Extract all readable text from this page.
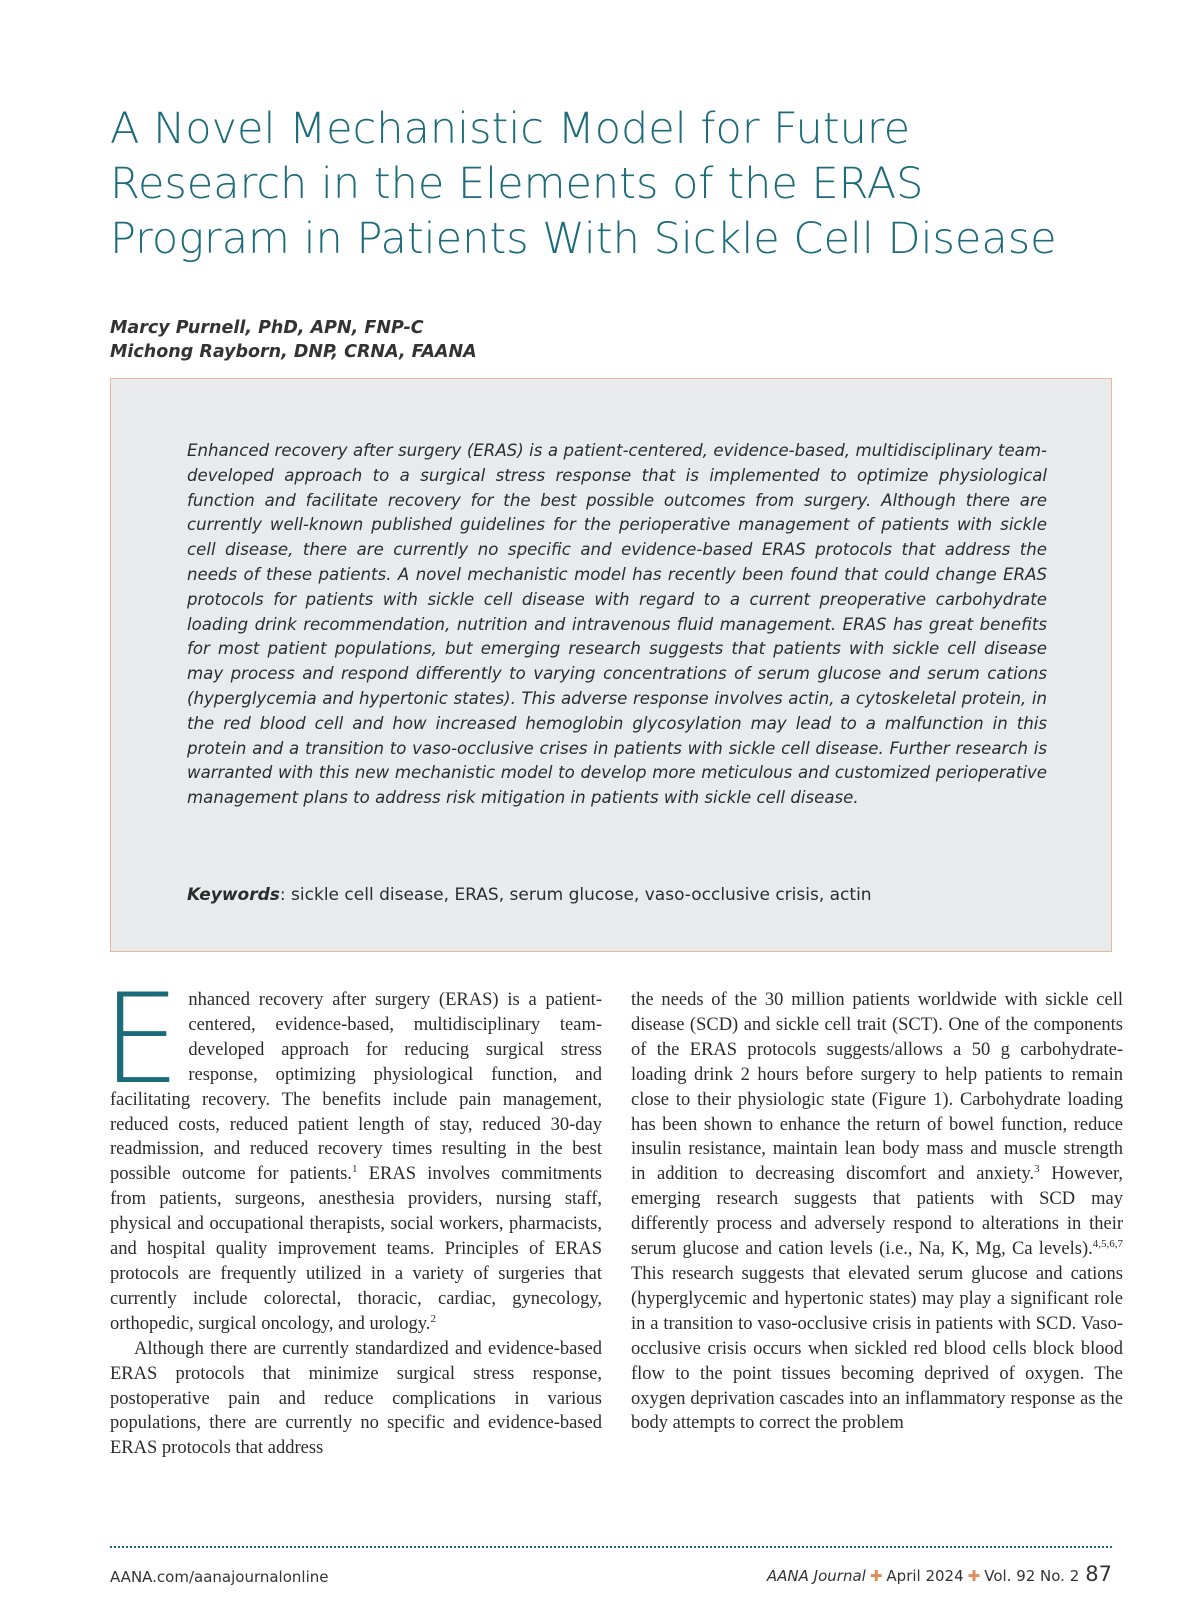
A Novel Mechanistic Model for Future
Research in the Elements of the ERAS
Program in Patients With Sickle Cell Disease
Marcy Purnell, PhD, APN, FNP-C
Michong Rayborn, DNP, CRNA, FAANA

Enhanced recovery after surgery (ERAS) is a patient-centered, evidence-based, multidisciplinary team-developed approach to a surgical stress response that is implemented to optimize physiological function and facilitate recovery for the best possible outcomes from surgery. Although there are currently well-known published guidelines for the perioperative management of patients with sickle cell disease, there are currently no specific and evidence-based ERAS protocols that address the needs of these patients. A novel mechanistic model has recently been found that could change ERAS protocols for patients with sickle cell disease with regard to a current preoperative carbohydrate loading drink recommendation, nutrition and intravenous fluid management. ERAS has great benefits for most patient populations, but emerging research suggests that patients with sickle cell disease may process and respond differently to varying concentrations of serum glucose and serum cations (hyperglycemia and hypertonic states). This adverse response involves actin, a cytoskeletal protein, in the red blood cell and how increased hemoglobin glycosylation may lead to a malfunction in this protein and a transition to vaso-occlusive crises in patients with sickle cell disease. Further research is warranted with this new mechanistic model to develop more meticulous and customized perioperative management plans to address risk mitigation in patients with sickle cell disease.

Keywords: sickle cell disease, ERAS, serum glucose, vaso-occlusive crisis, actin

Enhanced recovery after surgery (ERAS) is a patient-centered, evidence-based, multidisciplinary team-developed approach for reducing surgical stress response, optimizing physiological function, and facilitating recovery. The benefits include pain management, reduced costs, reduced patient length of stay, reduced 30-day readmission, and reduced recovery times resulting in the best possible outcome for patients.$^1$ ERAS involves commitments from patients, surgeons, anesthesia providers, nursing staff, physical and occupational therapists, social workers, pharmacists, and hospital quality improvement teams. Principles of ERAS protocols are frequently utilized in a variety of surgeries that currently include colorectal, thoracic, cardiac, gynecology, orthopedic, surgical oncology, and urology.$^2$

Although there are currently standardized and evidence-based ERAS protocols that minimize surgical stress response, postoperative pain and reduce complications in various populations, there are currently no specific and evidence-based ERAS protocols that address

the needs of the 30 million patients worldwide with sickle cell disease (SCD) and sickle cell trait (SCT). One of the components of the ERAS protocols suggests/allows a 50 g carbohydrate-loading drink 2 hours before surgery to help patients to remain close to their physiologic state (Figure 1). Carbohydrate loading has been shown to enhance the return of bowel function, reduce insulin resistance, maintain lean body mass and muscle strength in addition to decreasing discomfort and anxiety.$^3$ However, emerging research suggests that patients with SCD may differently process and adversely respond to alterations in their serum glucose and cation levels (i.e., Na, K, Mg, Ca levels).$^{4,5,6,7}$ This research suggests that elevated serum glucose and cations (hyperglycemic and hypertonic states) may play a significant role in a transition to vaso-occlusive crisis in patients with SCD. Vaso-occlusive crisis occurs when sickled red blood cells block blood flow to the point tissues becoming deprived of oxygen. The oxygen deprivation cascades into an inflammatory response as the body attempts to correct the problem

AANA.com/aanajournalonline	AANA Journal ✚ April 2024 ✚ Vol. 92 No. 2 87
